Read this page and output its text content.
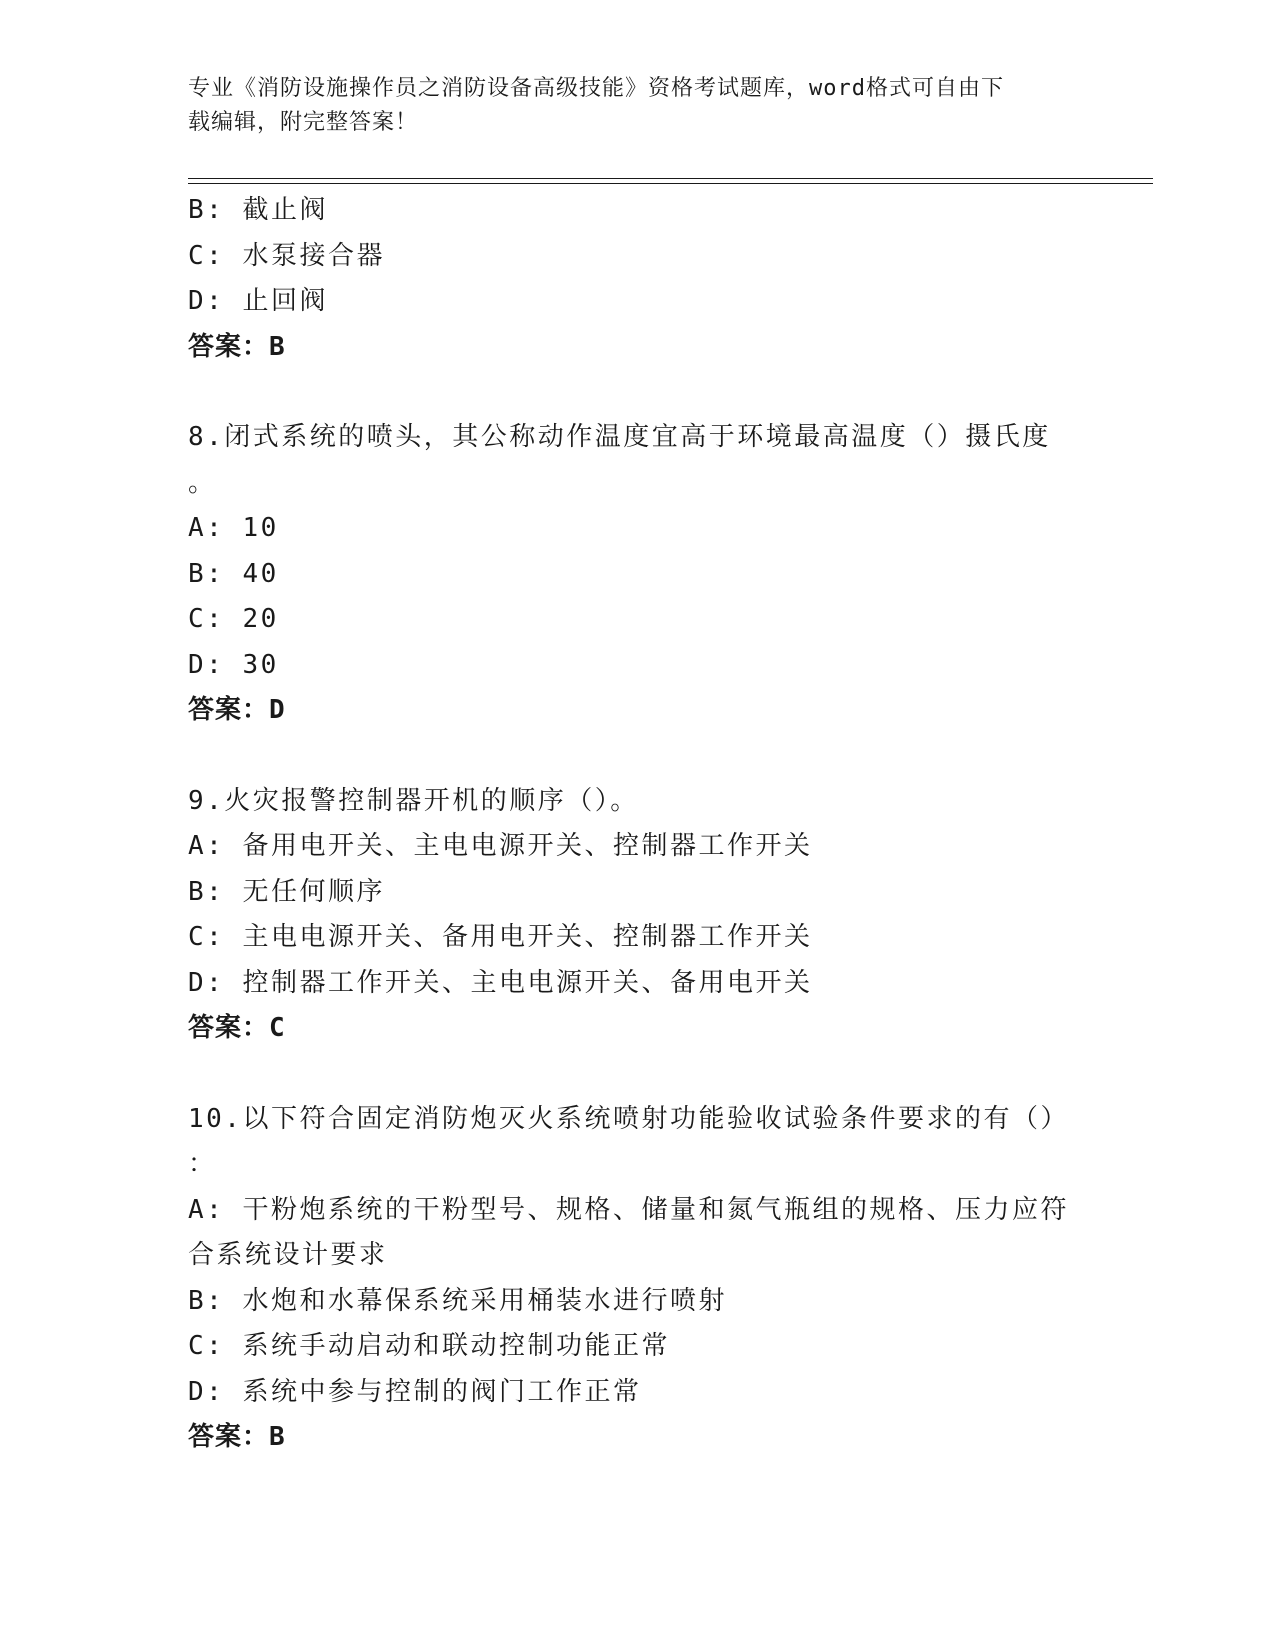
专业《消防设施操作员之消防设备高级技能》资格考试题库，word格式可自由下
载编辑，附完整答案！
B: 截止阀
C: 水泵接合器
D: 止回阀
答案：B
8.闭式系统的喷头，其公称动作温度宜高于环境最高温度（）摄氏度
。
A: 10
B: 40
C: 20
D: 30
答案：D
9.火灾报警控制器开机的顺序（）。
A: 备用电开关、主电电源开关、控制器工作开关
B: 无任何顺序
C: 主电电源开关、备用电开关、控制器工作开关
D: 控制器工作开关、主电电源开关、备用电开关
答案：C
10.以下符合固定消防炮灭火系统喷射功能验收试验条件要求的有（）
：
A: 干粉炮系统的干粉型号、规格、储量和氮气瓶组的规格、压力应符
合系统设计要求
B: 水炮和水幕保系统采用桶装水进行喷射
C: 系统手动启动和联动控制功能正常
D: 系统中参与控制的阀门工作正常
答案：B
